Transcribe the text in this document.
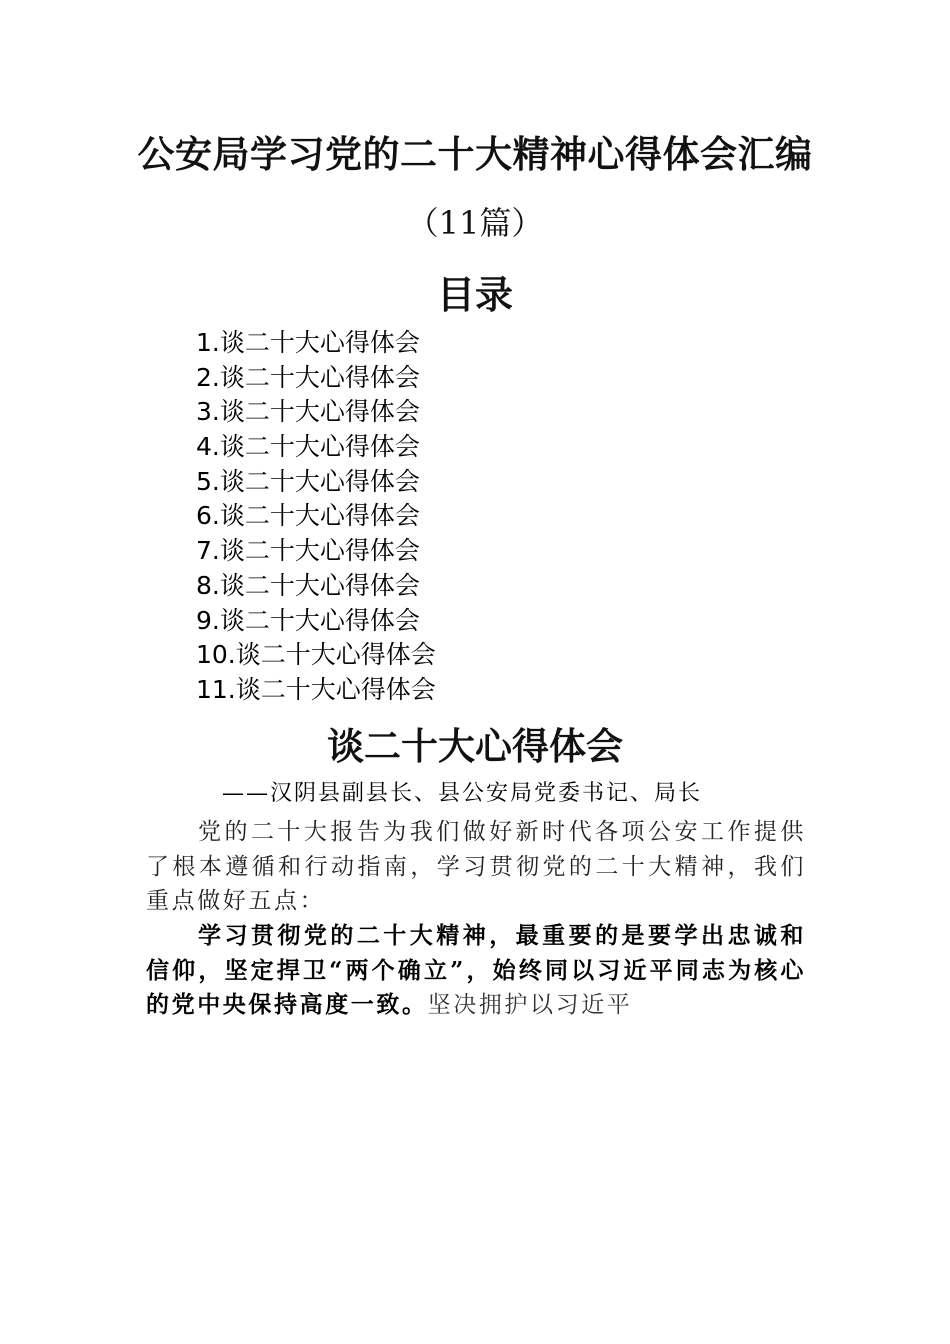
公安局学习党的二十大精神心得体会汇编
（11篇）
目录
1.谈二十大心得体会
2.谈二十大心得体会
3.谈二十大心得体会
4.谈二十大心得体会
5.谈二十大心得体会
6.谈二十大心得体会
7.谈二十大心得体会
8.谈二十大心得体会
9.谈二十大心得体会
10.谈二十大心得体会
11.谈二十大心得体会
谈二十大心得体会

——汉阴县副县长、县公安局党委书记、局长

党的二十大报告为我们做好新时代各项公安工作提供了根本遵循和行动指南，学习贯彻党的二十大精神，我们重点做好五点：

学习贯彻党的二十大精神，最重要的是要学出忠诚和信仰，坚定捍卫“两个确立”，始终同以习近平同志为核心的党中央保持高度一致。坚决拥护以习近平
